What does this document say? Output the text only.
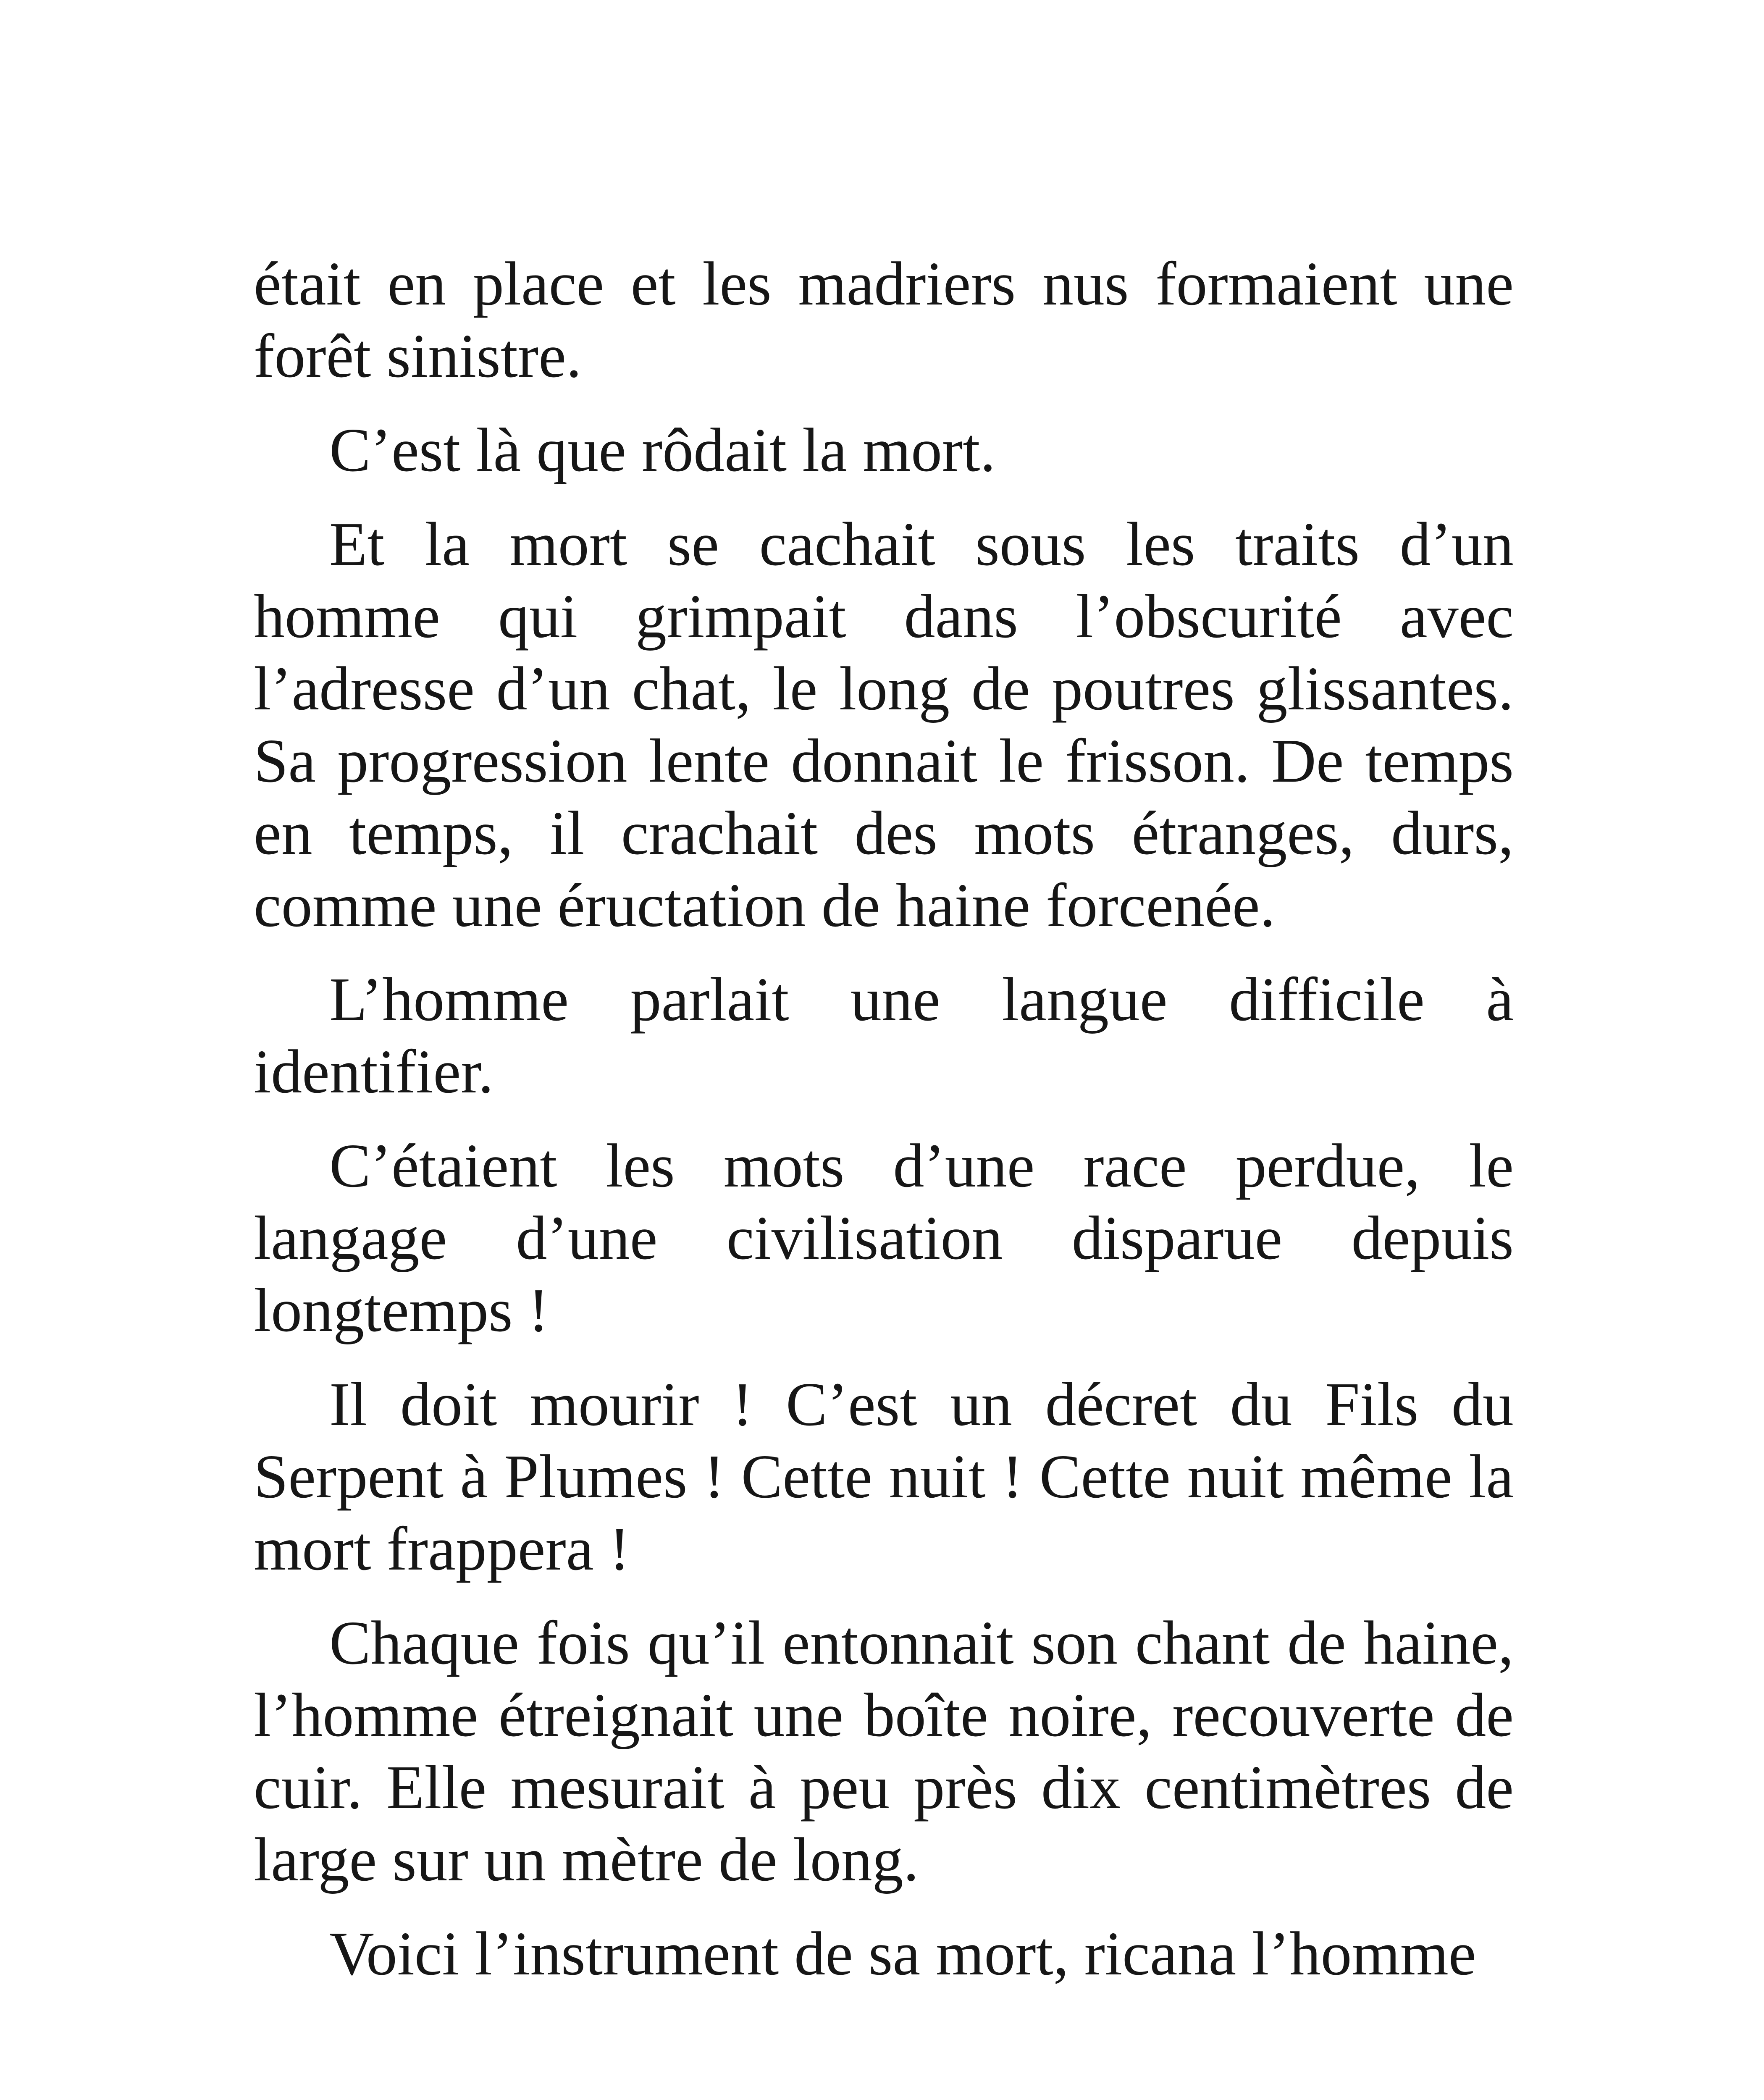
était en place et les madriers nus formaient une forêt sinistre.

C’est là que rôdait la mort.

Et la mort se cachait sous les traits d’un homme qui grimpait dans l’obscurité avec l’adresse d’un chat, le long de poutres glissantes. Sa progression lente donnait le frisson. De temps en temps, il crachait des mots étranges, durs, comme une éructation de haine forcenée.

L’homme parlait une langue difficile à identifier.

C’étaient les mots d’une race perdue, le langage d’une civilisation disparue depuis longtemps !

Il doit mourir ! C’est un décret du Fils du Serpent à Plumes ! Cette nuit ! Cette nuit même la mort frappera !

Chaque fois qu’il entonnait son chant de haine, l’homme étreignait une boîte noire, recouverte de cuir. Elle mesurait à peu près dix centimètres de large sur un mètre de long.

Voici l’instrument de sa mort, ricana l’homme
